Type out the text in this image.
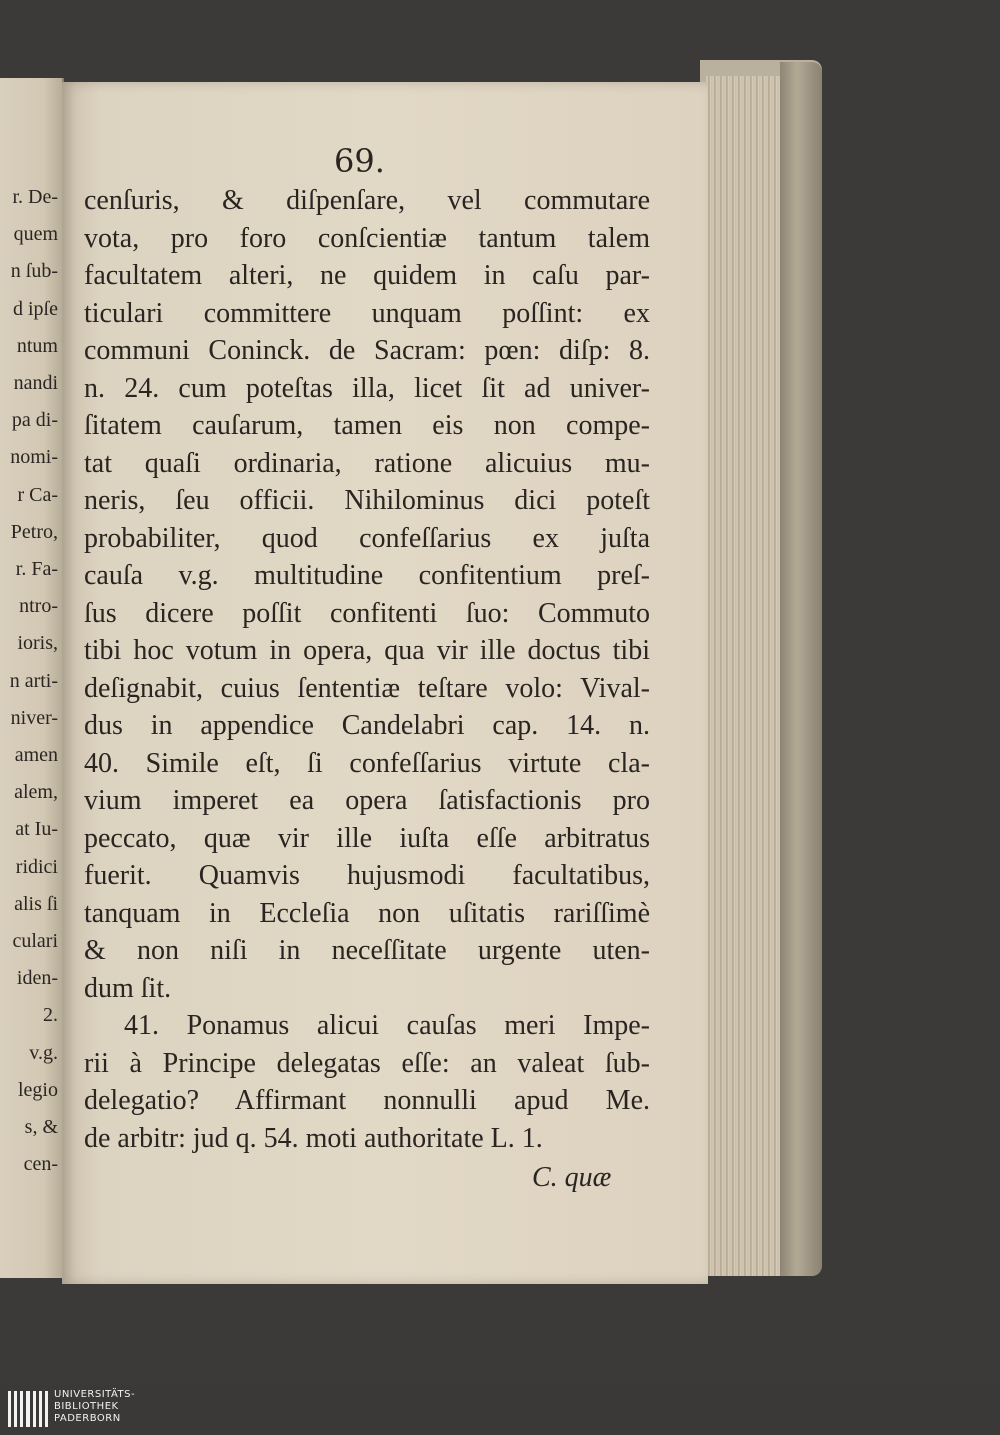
r. De-

quem

n ſub-

d ipſe

ntum

nandi

pa di-

nomi-

r Ca-

Petro,

r. Fa-

ntro-

ioris,

n arti-

niver-

amen

alem,

at Iu-

ridici

alis ſi

culari

iden-

2.

v.g.

legio

s, &

cen-

69.

cenſuris, & diſpenſare, vel commutare
vota, pro foro conſcientiæ tantum talem
facultatem alteri, ne quidem in caſu par-
ticulari committere unquam poſſint: ex
communi Coninck. de Sacram: pœn: diſp: 8.
n. 24. cum poteſtas illa, licet ſit ad univer-
ſitatem cauſarum, tamen eis non compe-
tat quaſi ordinaria, ratione alicuius mu-
neris, ſeu officii. Nihilominus dici poteſt
probabiliter, quod confeſſarius ex juſta
cauſa v.g. multitudine confitentium preſ-
ſus dicere poſſit confitenti ſuo: Commuto
tibi hoc votum in opera, qua vir ille doctus tibi
deſignabit, cuius ſententiæ teſtare volo: Vival-
dus in appendice Candelabri cap. 14. n.
40. Simile eſt, ſi confeſſarius virtute cla-
vium imperet ea opera ſatisfactionis pro
peccato, quæ vir ille iuſta eſſe arbitratus
fuerit. Quamvis hujusmodi facultatibus,
tanquam in Eccleſia non uſitatis rariſſimè
& non niſi in neceſſitate urgente uten-
dum ſit.
41. Ponamus alicui cauſas meri Impe-
rii à Principe delegatas eſſe: an valeat ſub-
delegatio? Affirmant nonnulli apud Me.
de arbitr: jud q. 54. moti authoritate L. 1.

C. quæ

UNIVERSITÄTS-
BIBLIOTHEK
PADERBORN
